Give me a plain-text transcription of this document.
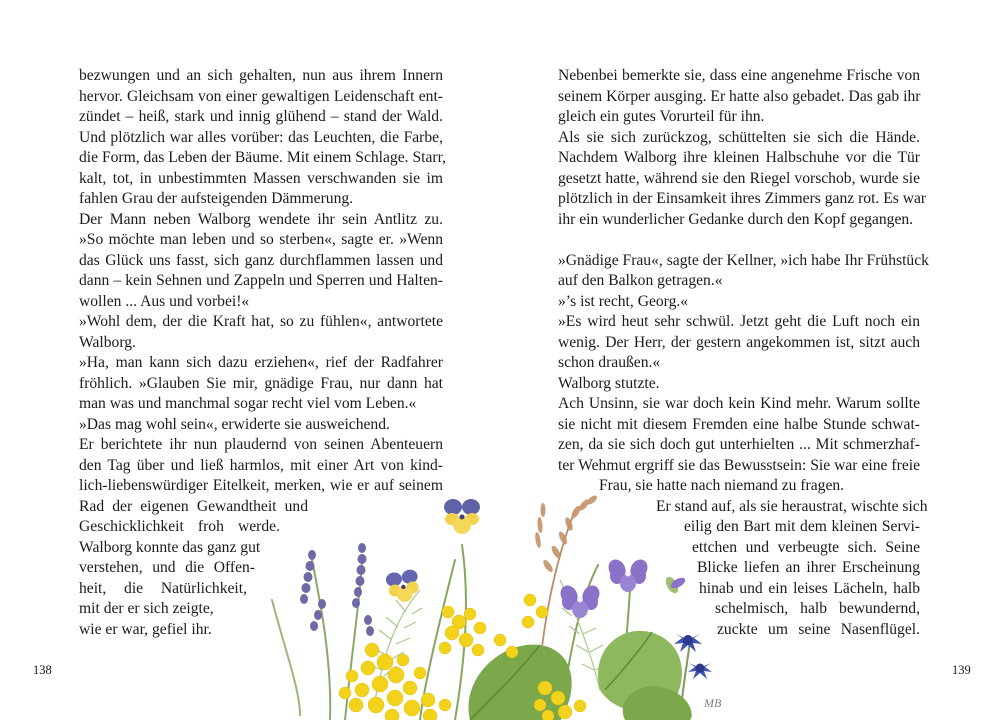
bezwungen und an sich gehalten, nun aus ihrem Innern

hervor. Gleichsam von einer gewaltigen Leidenschaft ent-

zündet – heiß, stark und innig glühend – stand der Wald.

Und plötzlich war alles vorüber: das Leuchten, die Farbe,

die Form, das Leben der Bäume. Mit einem Schlage. Starr,

kalt, tot, in unbestimmten Massen verschwanden sie im

fahlen Grau der aufsteigenden Dämmerung.

Der Mann neben Walborg wendete ihr sein Antlitz zu.

»So möchte man leben und so sterben«, sagte er. »Wenn

das Glück uns fasst, sich ganz durchflammen lassen und

dann – kein Sehnen und Zappeln und Sperren und Halten-

wollen ... Aus und vorbei!«

»Wohl dem, der die Kraft hat, so zu fühlen«, antwortete

Walborg.

»Ha, man kann sich dazu erziehen«, rief der Radfahrer

fröhlich. »Glauben Sie mir, gnädige Frau, nur dann hat

man was und manchmal sogar recht viel vom Leben.«

»Das mag wohl sein«, erwiderte sie ausweichend.

Er berichtete ihr nun plaudernd von seinen Abenteuern

den Tag über und ließ harmlos, mit einer Art von kind-

lich-liebenswürdiger Eitelkeit, merken, wie er auf seinem

Rad der eigenen Gewandtheit und

Geschicklichkeit froh werde.

Walborg konnte das ganz gut

verstehen, und die Offen-

heit, die Natürlichkeit,

mit der er sich zeigte,

wie er war, gefiel ihr.

138

Nebenbei bemerkte sie, dass eine angenehme Frische von

seinem Körper ausging. Er hatte also gebadet. Das gab ihr

gleich ein gutes Vorurteil für ihn.

Als sie sich zurückzog, schüttelten sie sich die Hände.

Nachdem Walborg ihre kleinen Halbschuhe vor die Tür

gesetzt hatte, während sie den Riegel vorschob, wurde sie

plötzlich in der Einsamkeit ihres Zimmers ganz rot. Es war

ihr ein wunderlicher Gedanke durch den Kopf gegangen.

»Gnädige Frau«, sagte der Kellner, »ich habe Ihr Frühstück

auf den Balkon getragen.«

»’s ist recht, Georg.«

»Es wird heut sehr schwül. Jetzt geht die Luft noch ein

wenig. Der Herr, der gestern angekommen ist, sitzt auch

schon draußen.«

Walborg stutzte.

Ach Unsinn, sie war doch kein Kind mehr. Warum sollte

sie nicht mit diesem Fremden eine halbe Stunde schwat-

zen, da sie sich doch gut unterhielten ... Mit schmerzhaf-

ter Wehmut ergriff sie das Bewusstsein: Sie war eine freie

Frau, sie hatte nach niemand zu fragen.

Er stand auf, als sie heraustrat, wischte sich

eilig den Bart mit dem kleinen Servi-

ettchen und verbeugte sich. Seine

Blicke liefen an ihrer Erscheinung

hinab und ein leises Lächeln, halb

schelmisch, halb bewundernd,

zuckte um seine Nasenflügel.

139
MB
